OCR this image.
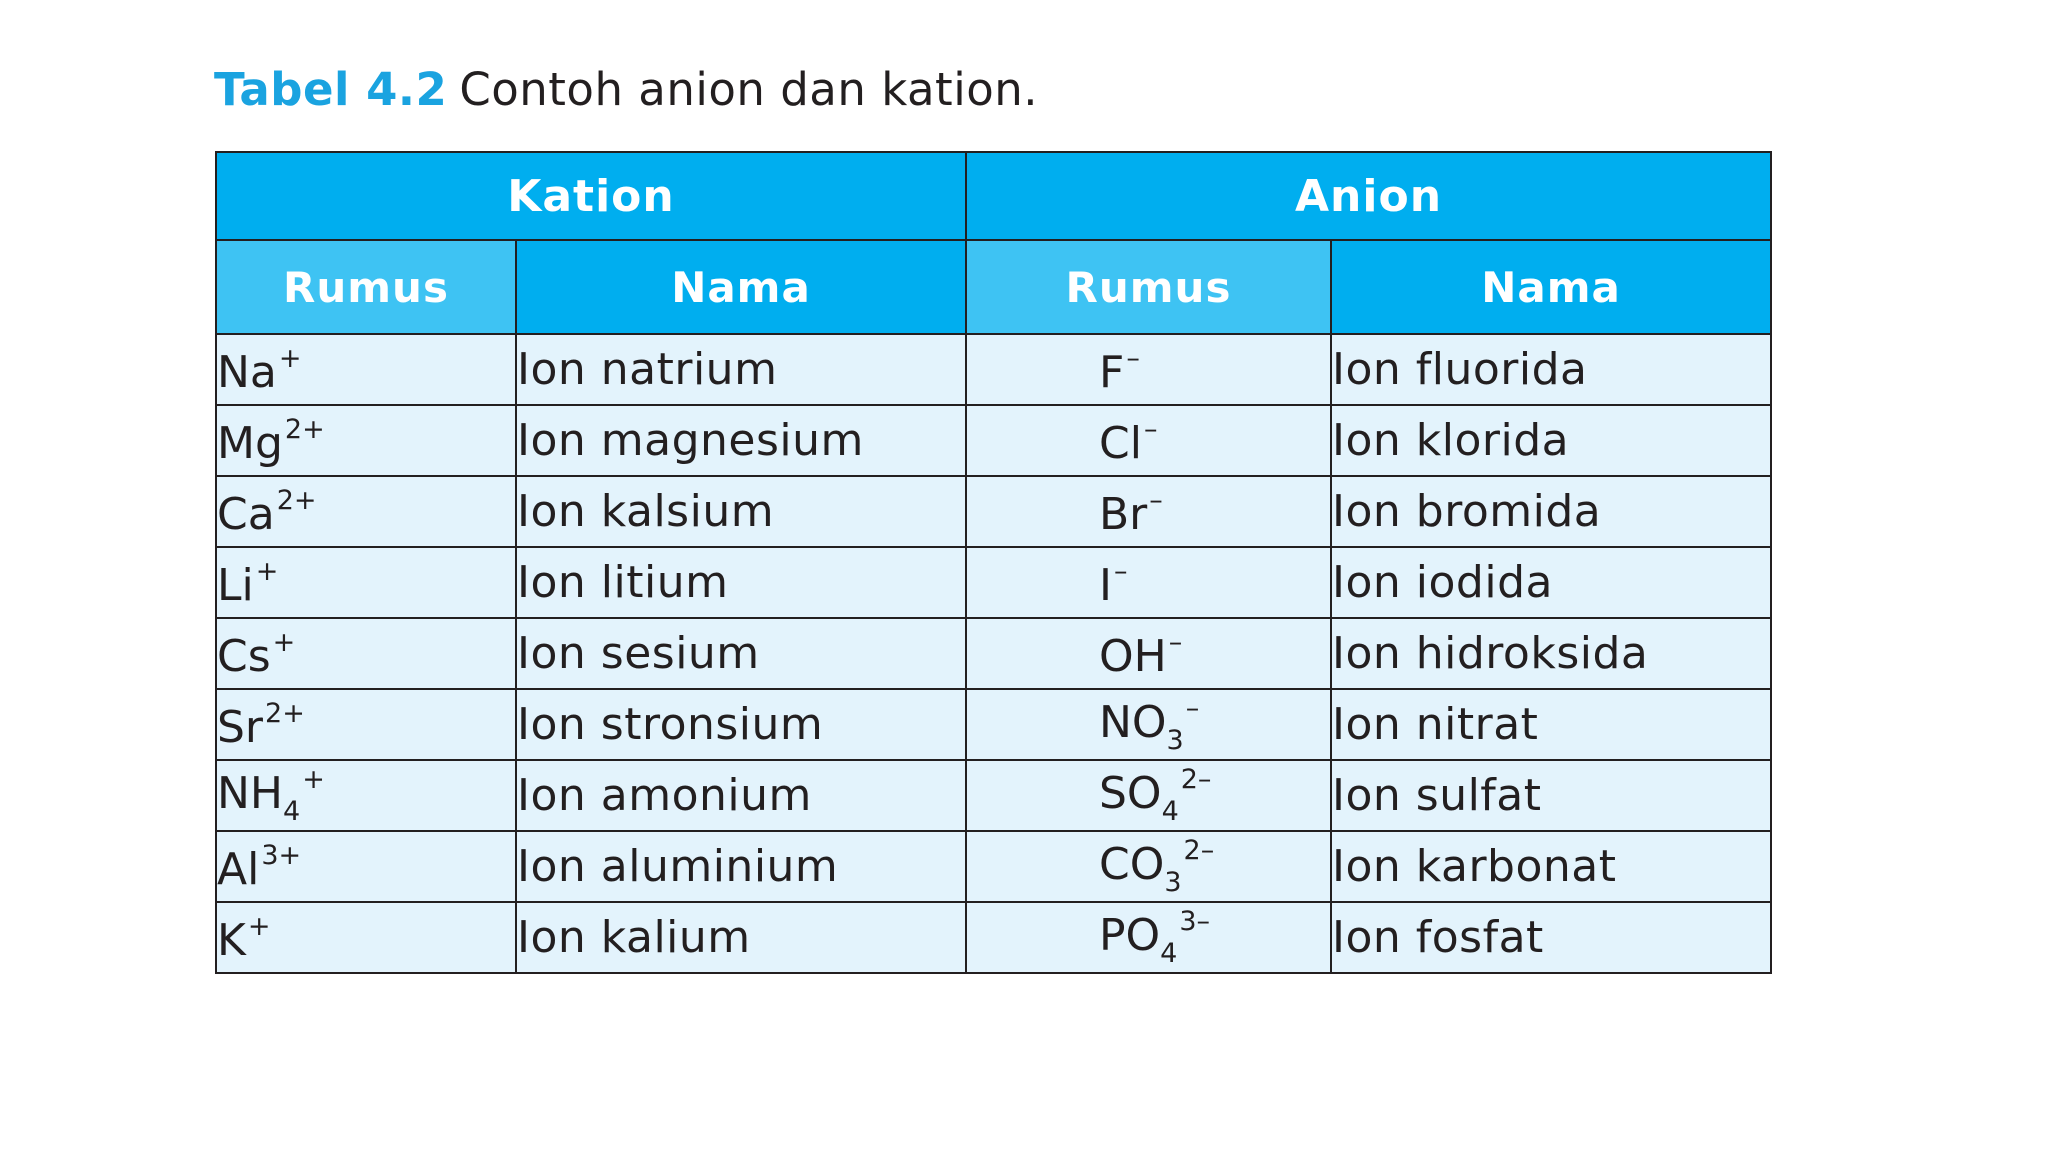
Tabel 4.2 Contoh anion dan kation.
Kation		Anion	
Rumus	Nama	Rumus	Nama
Na+	Ion natrium	F–	Ion fluorida
$Mg^{2+}$	Ion magnesium	Cl–	Ion klorida
$Ca^{2+}$	Ion kalsium	Br–	Ion bromida
Li+	Ion litium	I–	Ion iodida
Cs+	Ion sesium	OH–	Ion hidroksida
$Sr^{2+}$	Ion stronsium	$NO_3^-$	Ion nitrat
$NH_4^+$	Ion amonium	$SO_4^{2-}$	Ion sulfat
$Al^{3+}$	Ion aluminium	$CO_3^{2-}$	Ion karbonat
K+	Ion kalium	$PO_4^{3-}$	Ion fosfat
